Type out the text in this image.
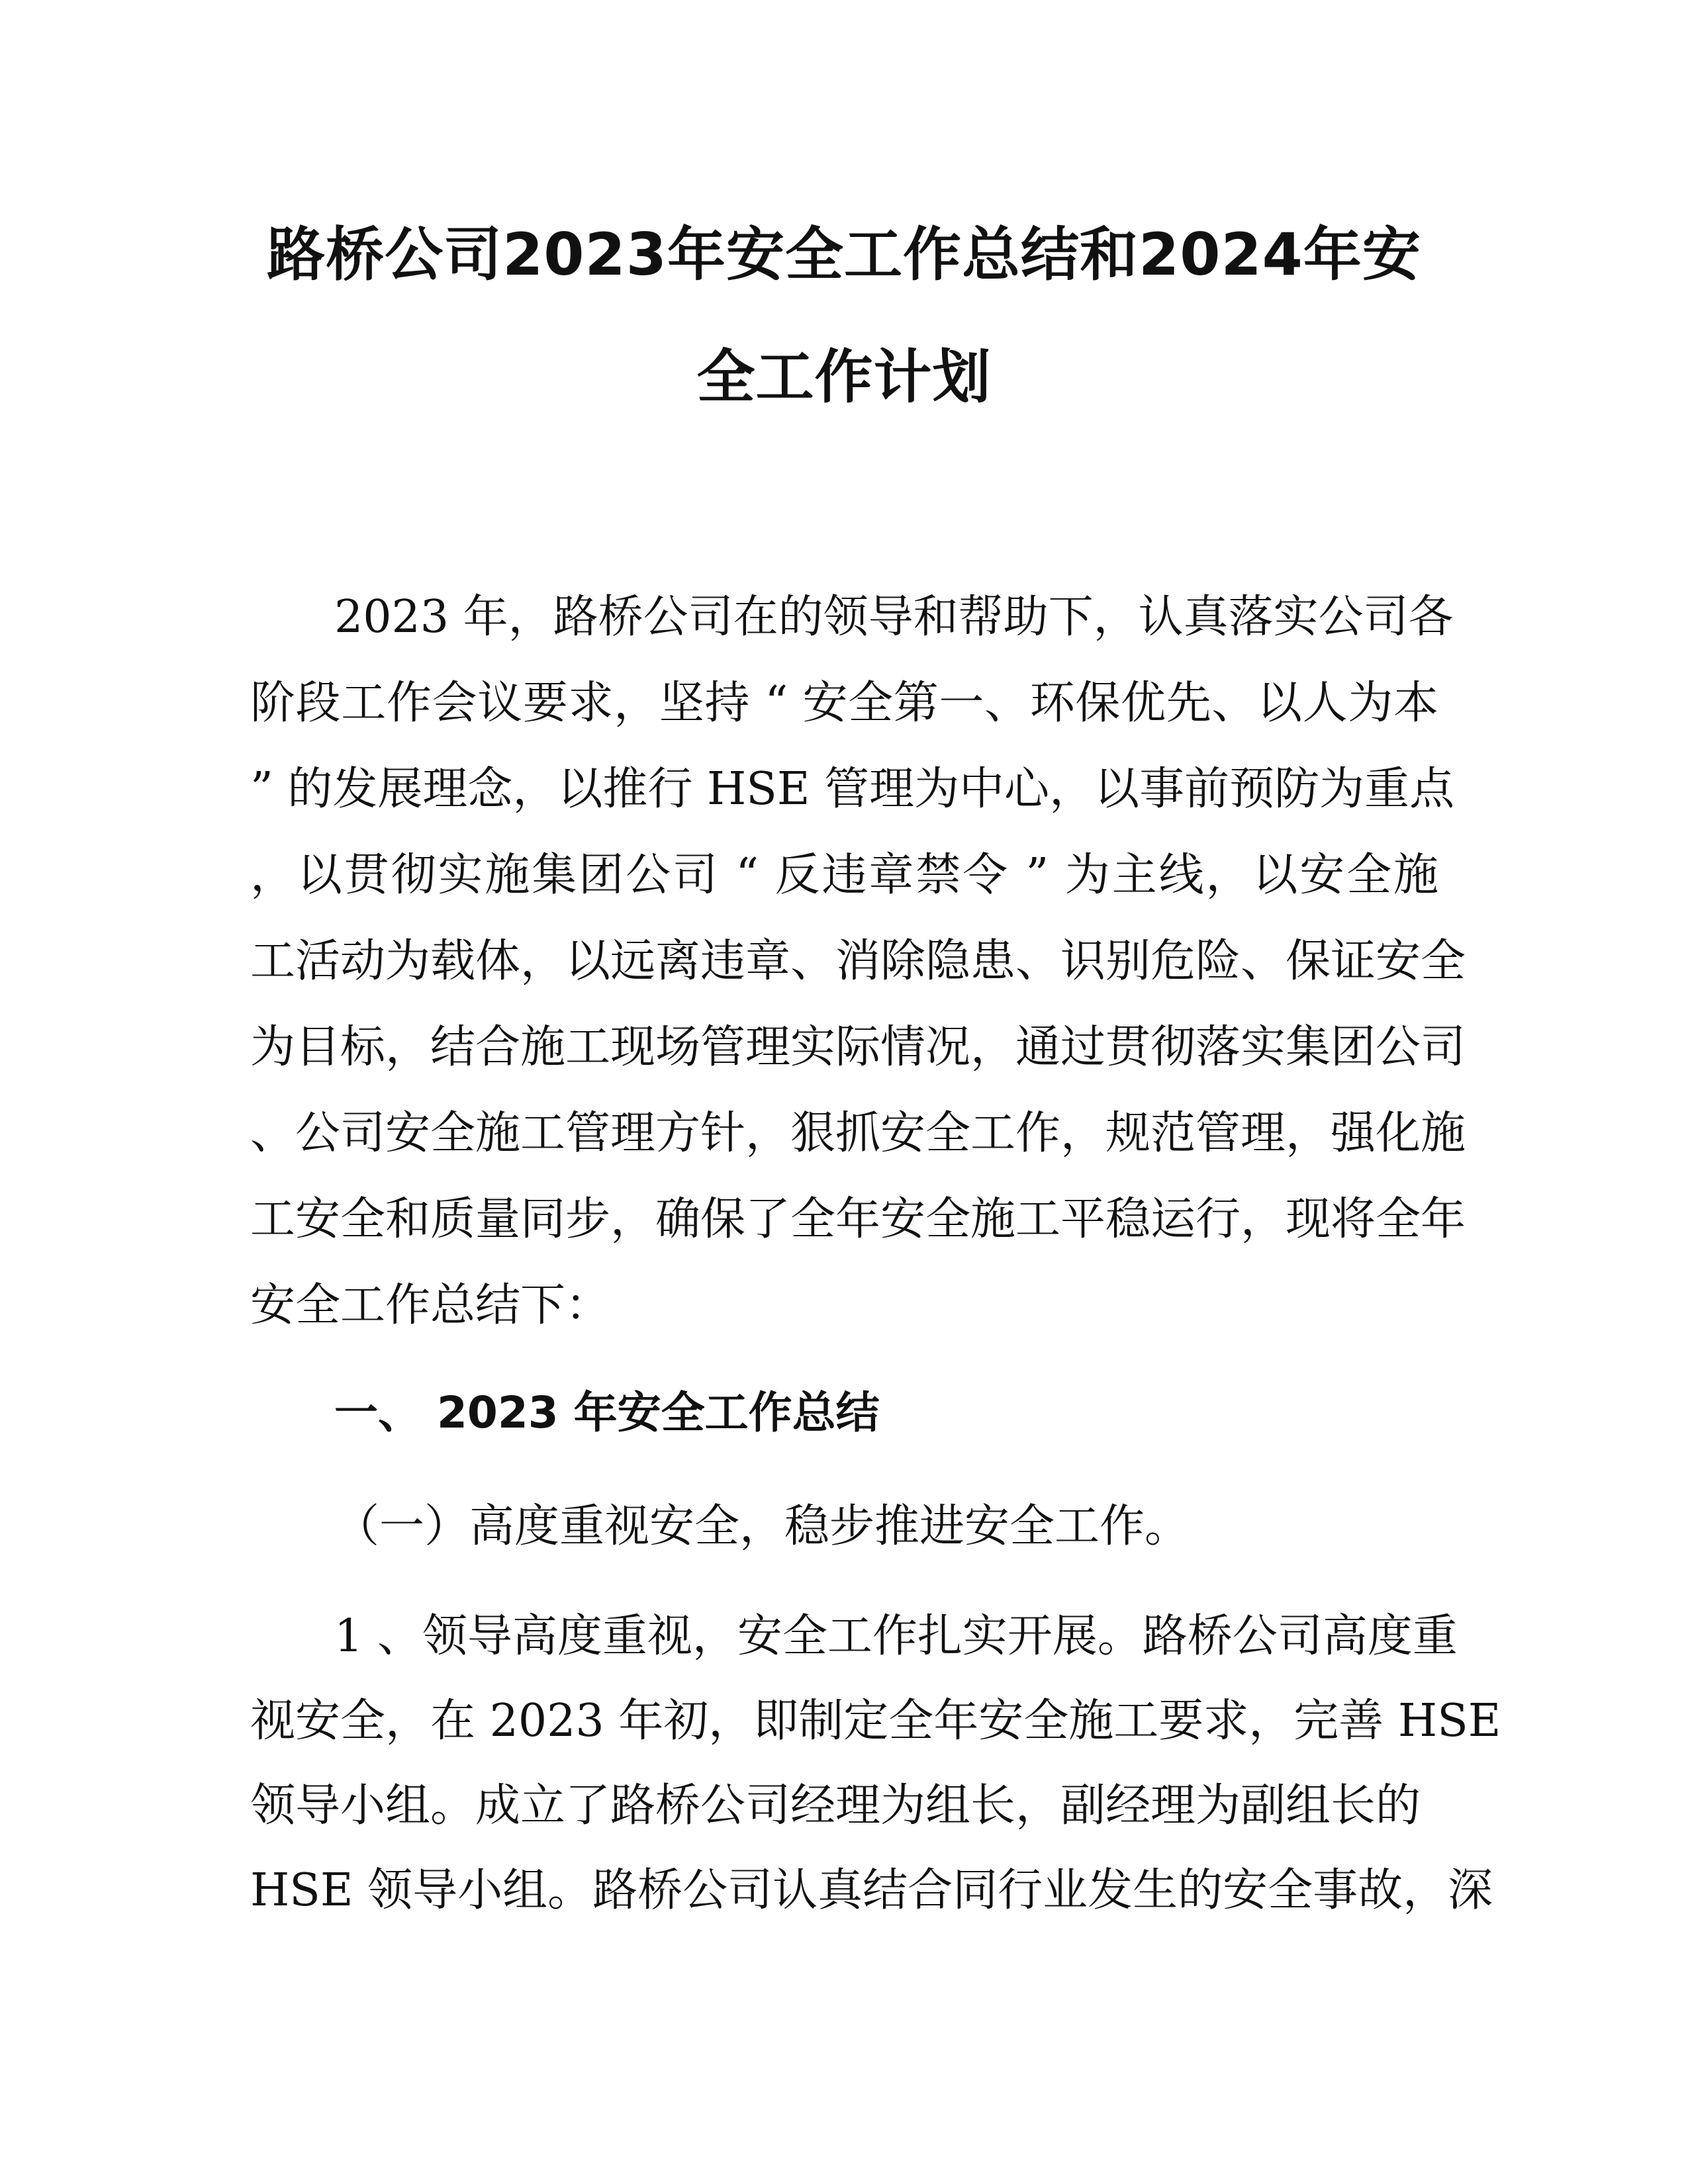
路桥公司2023年安全工作总结和2024年安
全工作计划
2023 年，路桥公司在的领导和帮助下，认真落实公司各
阶段工作会议要求，坚持 “ 安全第一、环保优先、以人为本
” 的发展理念，以推行 HSE 管理为中心，以事前预防为重点
，以贯彻实施集团公司 “ 反违章禁令 ” 为主线，以安全施
工活动为载体，以远离违章、消除隐患、识别危险、保证安全
为目标，结合施工现场管理实际情况，通过贯彻落实集团公司
、公司安全施工管理方针，狠抓安全工作，规范管理，强化施
工安全和质量同步，确保了全年安全施工平稳运行，现将全年
安全工作总结下：
一、 2023 年安全工作总结
（一）高度重视安全，稳步推进安全工作。
1 、领导高度重视，安全工作扎实开展。路桥公司高度重
视安全，在 2023 年初，即制定全年安全施工要求，完善 HSE
领导小组。成立了路桥公司经理为组长，副经理为副组长的
HSE 领导小组。路桥公司认真结合同行业发生的安全事故，深
